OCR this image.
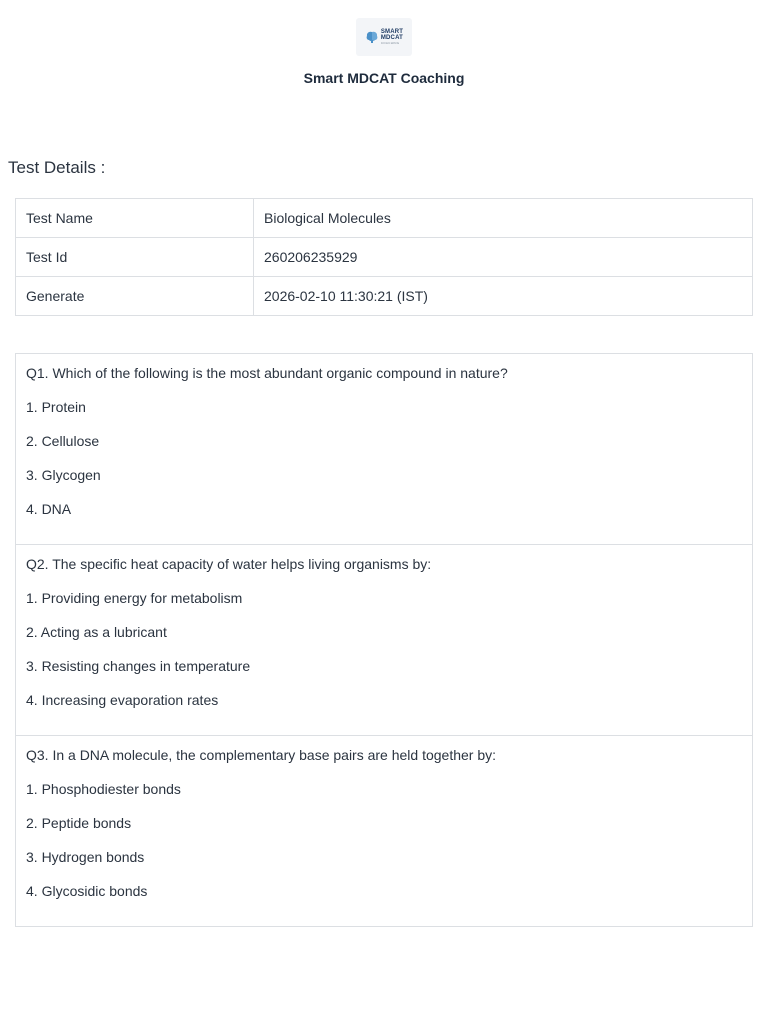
SMART
MDCAT
COACHING
Smart MDCAT Coaching
Test Details :
Test Name	Biological Molecules
Test Id	260206235929
Generate	2026-02-10 11:30:21 (IST)
Q1. Which of the following is the most abundant organic compound in nature?
1. Protein
2. Cellulose
3. Glycogen
4. DNA
Q2. The specific heat capacity of water helps living organisms by:
1. Providing energy for metabolism
2. Acting as a lubricant
3. Resisting changes in temperature
4. Increasing evaporation rates
Q3. In a DNA molecule, the complementary base pairs are held together by:
1. Phosphodiester bonds
2. Peptide bonds
3. Hydrogen bonds
4. Glycosidic bonds
